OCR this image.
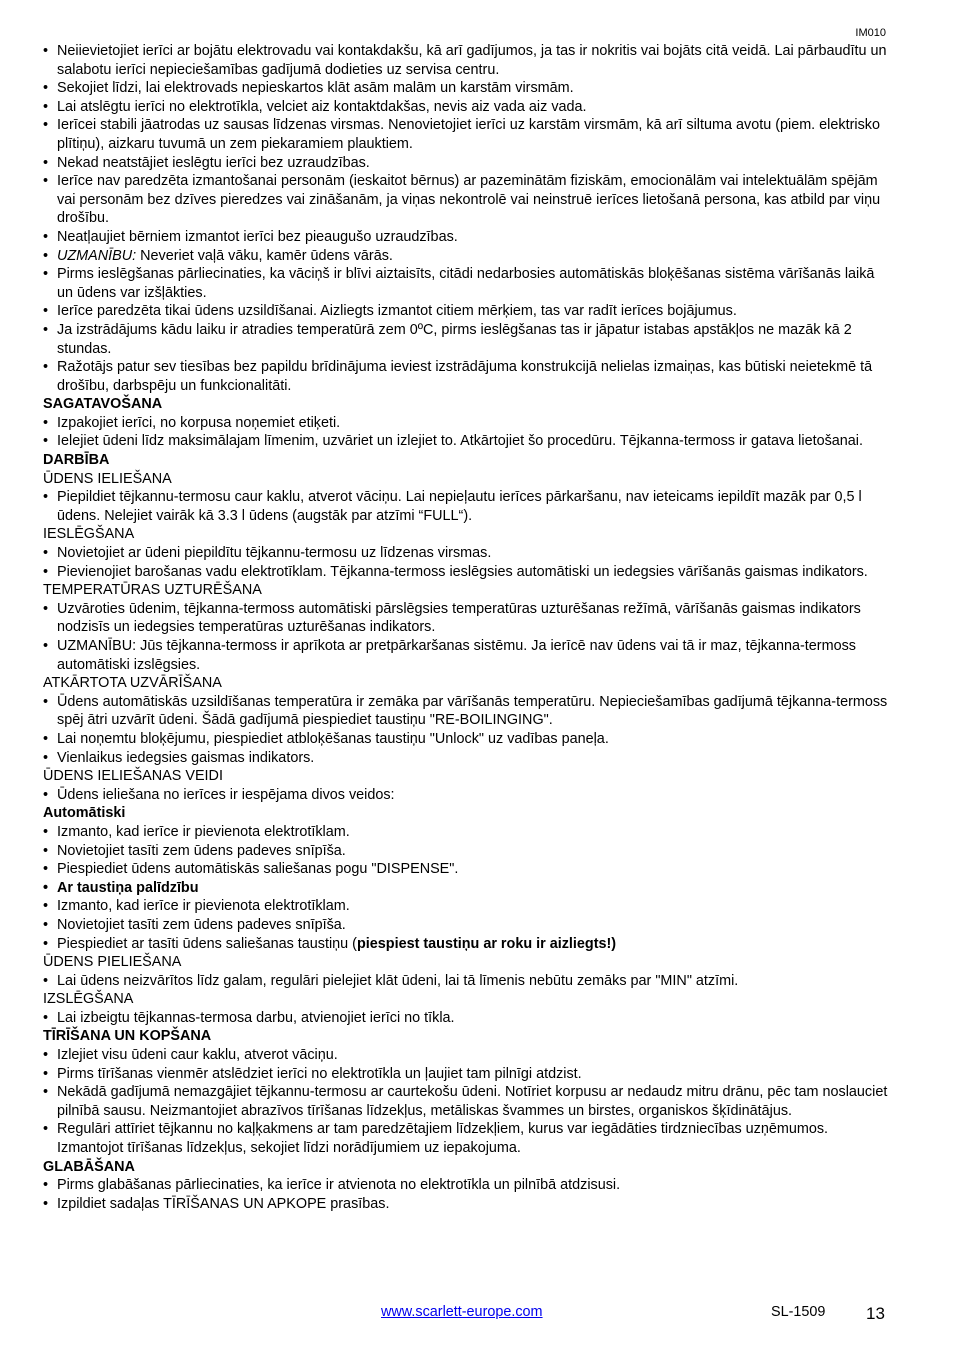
IM010
• Neiievietojiet ierīci ar bojātu elektrovadu vai kontakdakšu, kā arī gadījumos, ja tas ir nokritis vai bojāts citā veidā. Lai pārbaudītu un salabotu ierīci nepieciešamības gadījumā dodieties uz servisa centru.
• Sekojiet līdzi, lai elektrovads nepieskartos klāt asām malām un karstām virsmām.
• Lai atslēgtu ierīci no elektrotīkla, velciet aiz kontaktdakšas, nevis aiz vada aiz vada.
• Ierīcei stabili jāatrodas uz sausas līdzenas virsmas. Nenovietojiet ierīci uz karstām virsmām, kā arī siltuma avotu (piem. elektrisko plītiņu), aizkaru tuvumā un zem piekaramiem plauktiem.
• Nekad neatstājiet ieslēgtu ierīci bez uzraudzības.
• Ierīce nav paredzēta izmantošanai personām (ieskaitot bērnus) ar pazeminātām fiziskām, emocionālām vai intelektuālām spējām vai personām bez dzīves pieredzes vai zināšanām, ja viņas nekontrolē vai neinstruē ierīces lietošanā persona, kas atbild par viņu drošību.
• Neatļaujiet bērniem izmantot ierīci bez pieaugušo uzraudzības.
• UZMANĪBU: Neveriet vaļā vāku, kamēr ūdens vārās.
• Pirms ieslēgšanas pārliecinaties, ka vāciņš ir blīvi aiztaisīts, citādi nedarbosies automātiskās bloķēšanas sistēma vārīšanās laikā un ūdens var izšļākties.
• Ierīce paredzēta tikai ūdens uzsildīšanai. Aizliegts izmantot citiem mērķiem, tas var radīt ierīces bojājumus.
• Ja izstrādājums kādu laiku ir atradies temperatūrā zem 0ºC, pirms ieslēgšanas tas ir jāpatur istabas apstākļos ne mazāk kā 2 stundas.
• Ražotājs patur sev tiesības bez papildu brīdinājuma ieviest izstrādājuma konstrukcijā nelielas izmaiņas, kas būtiski neietekmē tā drošību, darbspēju un funkcionalitāti.
SAGATAVOŠANA
• Izpakojiet ierīci, no korpusa noņemiet etiķeti.
• Ielejiet ūdeni līdz maksimālajam līmenim, uzvāriet un izlejiet to. Atkārtojiet šo procedūru. Tējkanna-termoss ir gatava lietošanai.
DARBĪBA
ŪDENS IELIEŠANA
• Piepildiet tējkannu-termosu caur kaklu, atverot vāciņu. Lai nepieļautu ierīces pārkaršanu, nav ieteicams iepildīt mazāk par 0,5 l ūdens. Nelejiet vairāk kā 3.3 l ūdens (augstāk par atzīmi “FULL“).
IESLĒGŠANA
• Novietojiet ar ūdeni piepildītu tējkannu-termosu uz līdzenas virsmas.
• Pievienojiet barošanas vadu elektrotīklam. Tējkanna-termoss ieslēgsies automātiski un iedegsies vārīšanās gaismas indikators.
TEMPERATŪRAS UZTURĒŠANA
• Uzvāroties ūdenim, tējkanna-termoss automātiski pārslēgsies temperatūras uzturēšanas režīmā, vārīšanās gaismas indikators nodzisīs un iedegsies temperatūras uzturēšanas indikators.
• UZMANĪBU: Jūs tējkanna-termoss ir aprīkota ar pretpārkaršanas sistēmu. Ja ierīcē nav ūdens vai tā ir maz, tējkanna-termoss automātiski izslēgsies.
ATKĀRTOTA UZVĀRĪŠANA
• Ūdens automātiskās uzsildīšanas temperatūra ir zemāka par vārīšanās temperatūru. Nepieciešamības gadījumā tējkanna-termoss spēj ātri uzvārīt ūdeni. Šādā gadījumā piespiediet taustiņu "RE-BOILINGING".
• Lai noņemtu bloķējumu, piespiediet atbloķēšanas taustiņu "Unlock" uz vadības paneļa.
• Vienlaikus iedegsies gaismas indikators.
ŪDENS IELIEŠANAS VEIDI
• Ūdens ieliešana no ierīces ir iespējama divos veidos:
Automātiski
• Izmanto, kad ierīce ir pievienota elektrotīklam.
• Novietojiet tasīti zem ūdens padeves snīpīša.
• Piespiediet ūdens automātiskās saliešanas pogu "DISPENSE".
• Ar taustiņa palīdzību
• Izmanto, kad ierīce ir pievienota elektrotīklam.
• Novietojiet tasīti zem ūdens padeves snīpīša.
• Piespiediet ar tasīti ūdens saliešanas taustiņu (piespiest taustiņu ar roku ir aizliegts!)
ŪDENS PIELIEŠANA
• Lai ūdens neizvārītos līdz galam, regulāri pielejiet klāt ūdeni, lai tā līmenis nebūtu zemāks par "MIN" atzīmi.
IZSLĒGŠANA
• Lai izbeigtu tējkannas-termosa darbu, atvienojiet ierīci no tīkla.
TĪRĪŠANA UN KOPŠANA
• Izlejiet visu ūdeni caur kaklu, atverot vāciņu.
• Pirms tīrīšanas vienmēr atslēdziet ierīci no elektrotīkla un ļaujiet tam pilnīgi atdzist.
• Nekādā gadījumā nemazgājiet tējkannu-termosu ar caurtekošu ūdeni. Notīriet korpusu ar nedaudz mitru drānu, pēc tam noslauciet pilnībā sausu. Neizmantojiet abrazīvos tīrīšanas līdzekļus, metāliskas švammes un birstes, organiskos šķīdinātājus.
• Regulāri attīriet tējkannu no kaļķakmens ar tam paredzētajiem līdzekļiem, kurus var iegādāties tirdzniecības uzņēmumos. Izmantojot tīrīšanas līdzekļus, sekojiet līdzi norādījumiem uz iepakojuma.
GLABĀŠANA
• Pirms glabāšanas pārliecinaties, ka ierīce ir atvienota no elektrotīkla un pilnībā atdzisusi.
• Izpildiet sadaļas TĪRĪŠANAS UN APKOPE prasības.
www.scarlett-europe.com	SL-1509 13
